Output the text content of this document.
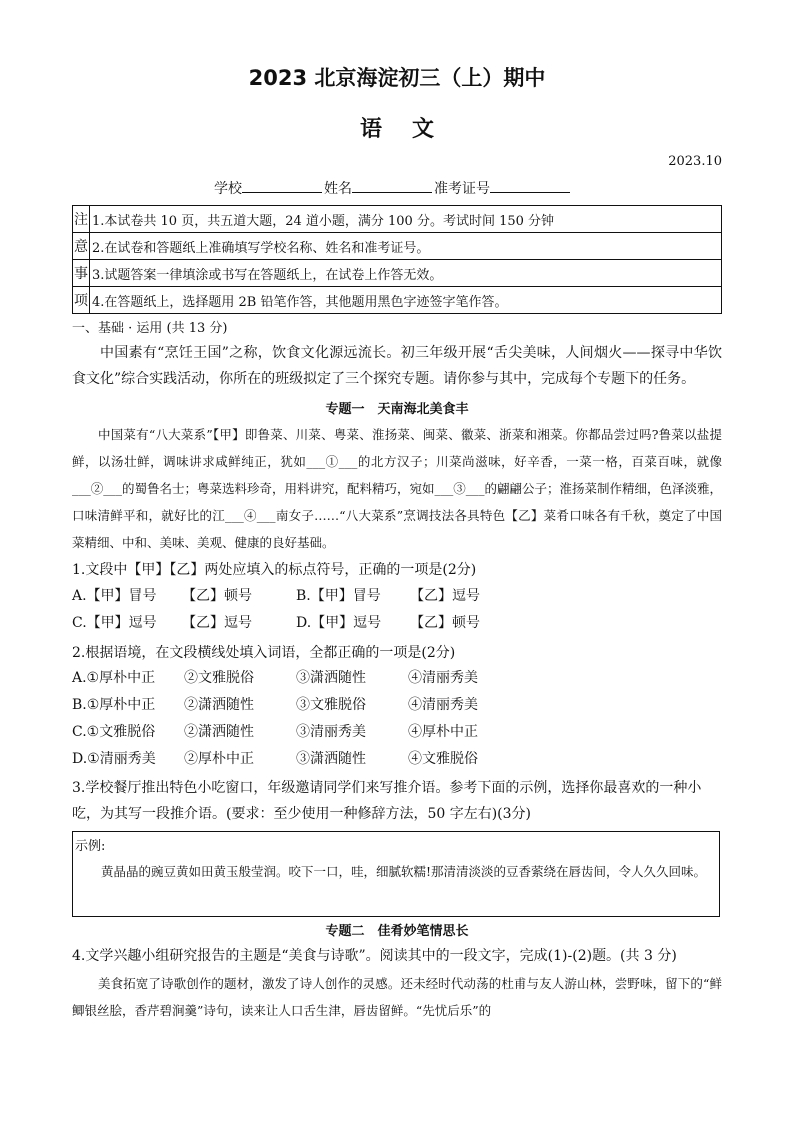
2023 北京海淀初三（上）期中
语文
2023.10
学校	姓名	准考证号
注	1.本试卷共 10 页，共五道大题，24 道小题，满分 100 分。考试时间 150 分钟
意	2.在试卷和答题纸上准确填写学校名称、姓名和准考证号。
事	3.试题答案一律填涂或书写在答题纸上，在试卷上作答无效。
项	4.在答题纸上，选择题用 2B 铅笔作答，其他题用黑色字迹签字笔作答。
一、基础 · 运用 (共 13 分)
中国素有“烹饪王国”之称，饮食文化源远流长。初三年级开展“舌尖美味，人间烟火——探寻中华饮食文化”综合实践活动，你所在的班级拟定了三个探究专题。请你参与其中，完成每个专题下的任务。
专题一　天南海北美食丰
中国菜有“八大菜系”【甲】即鲁菜、川菜、粤菜、淮扬菜、闽菜、徽菜、浙菜和湘菜。你都品尝过吗?鲁菜以盐提鲜，以汤壮鲜，调味讲求咸鲜纯正，犹如___①___的北方汉子；川菜尚滋味，好辛香，一菜一格，百菜百味，就像___②___的蜀鲁名士；粤菜选料珍奇，用料讲究，配料精巧，宛如___③___的翩翩公子；淮扬菜制作精细，色泽淡雅，口味清鲜平和，就好比的江___④___南女子……“八大菜系”烹调技法各具特色【乙】菜肴口味各有千秋，奠定了中国菜精细、中和、美味、美观、健康的良好基础。
1.文段中【甲】【乙】两处应填入的标点符号，正确的一项是(2分)
A.【甲】冒号 【乙】顿号	B.【甲】冒号 【乙】逗号
C.【甲】逗号 【乙】逗号	D.【甲】逗号 【乙】顿号
2.根据语境，在文段横线处填入词语，全都正确的一项是(2分)
A.①厚朴中正 ②文雅脱俗	③潇洒随性	④清丽秀美
B.①厚朴中正 ②潇洒随性	③文雅脱俗	④清丽秀美
C.①文雅脱俗 ②潇洒随性	③清丽秀美	④厚朴中正
D.①清丽秀美 ②厚朴中正	③潇洒随性	④文雅脱俗
3.学校餐厅推出特色小吃窗口，年级邀请同学们来写推介语。参考下面的示例，选择你最喜欢的一种小吃，为其写一段推介语。(要求：至少使用一种修辞方法，50 字左右)(3分)
示例:
黄晶晶的豌豆黄如田黄玉般莹润。咬下一口，哇，细腻软糯!那清清淡淡的豆香萦绕在唇齿间，令人久久回味。
专题二　佳肴妙笔情思长
4.文学兴趣小组研究报告的主题是“美食与诗歌”。阅读其中的一段文字，完成(1)-(2)题。(共 3 分)
美食拓宽了诗歌创作的题材，激发了诗人创作的灵感。还未经时代动荡的杜甫与友人游山林，尝野味，留下的“鲜鲫银丝脍，香芹碧涧羹”诗句，读来让人口舌生津，唇齿留鲜。“先忧后乐”的
